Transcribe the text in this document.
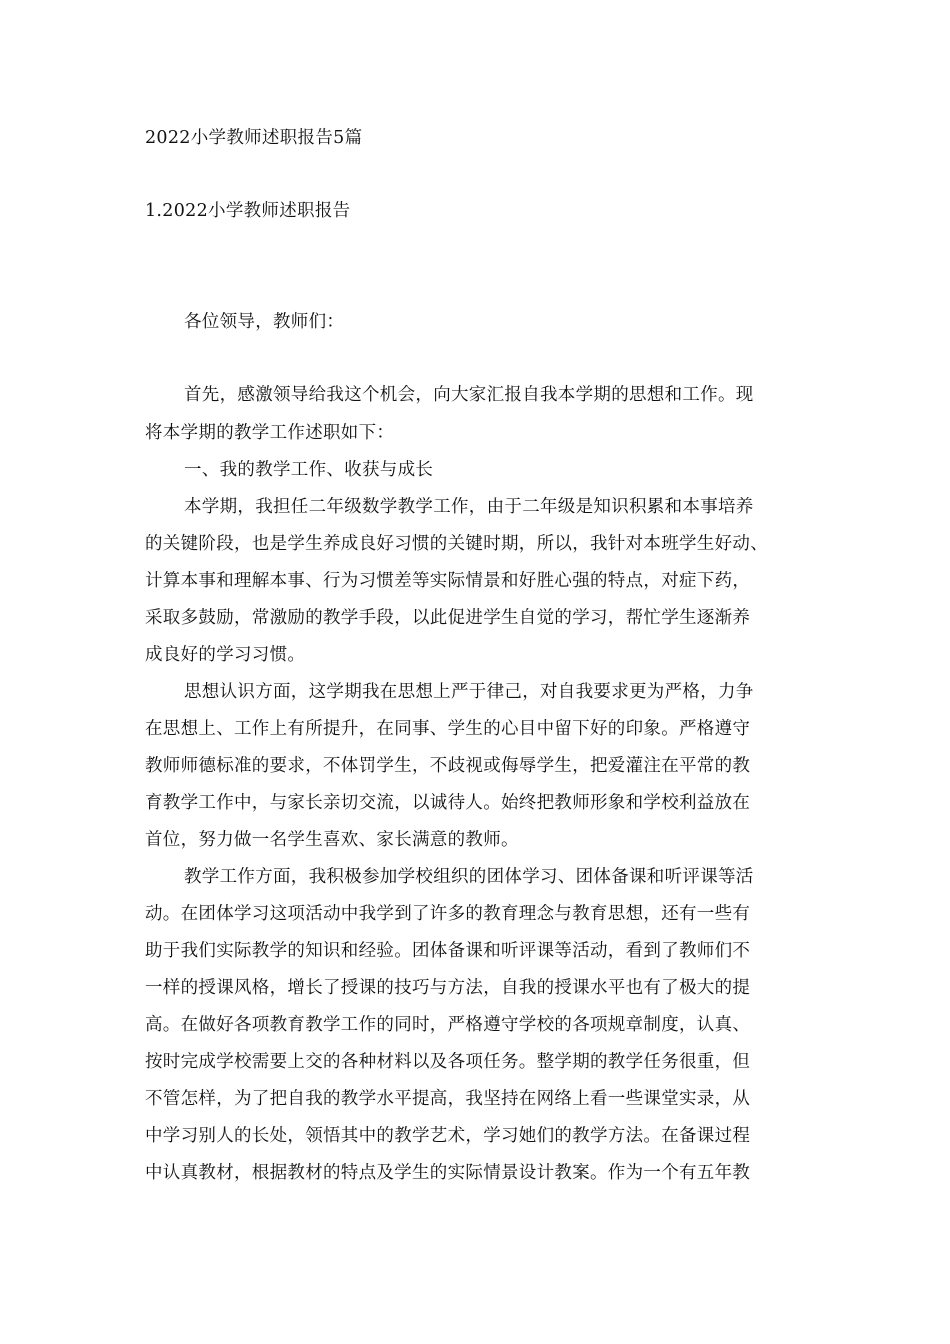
2022小学教师述职报告5篇
1.2022小学教师述职报告
各位领导，教师们：
首先，感激领导给我这个机会，向大家汇报自我本学期的思想和工作。现
将本学期的教学工作述职如下：
一、我的教学工作、收获与成长
本学期，我担任二年级数学教学工作，由于二年级是知识积累和本事培养
的关键阶段，也是学生养成良好习惯的关键时期，所以，我针对本班学生好动、
计算本事和理解本事、行为习惯差等实际情景和好胜心强的特点，对症下药，
采取多鼓励，常激励的教学手段，以此促进学生自觉的学习，帮忙学生逐渐养
成良好的学习习惯。
思想认识方面，这学期我在思想上严于律己，对自我要求更为严格，力争
在思想上、工作上有所提升，在同事、学生的心目中留下好的印象。严格遵守
教师师德标准的要求，不体罚学生，不歧视或侮辱学生，把爱灌注在平常的教
育教学工作中，与家长亲切交流，以诚待人。始终把教师形象和学校利益放在
首位，努力做一名学生喜欢、家长满意的教师。
教学工作方面，我积极参加学校组织的团体学习、团体备课和听评课等活
动。在团体学习这项活动中我学到了许多的教育理念与教育思想，还有一些有
助于我们实际教学的知识和经验。团体备课和听评课等活动，看到了教师们不
一样的授课风格，增长了授课的技巧与方法，自我的授课水平也有了极大的提
高。在做好各项教育教学工作的同时，严格遵守学校的各项规章制度，认真、
按时完成学校需要上交的各种材料以及各项任务。整学期的教学任务很重，但
不管怎样，为了把自我的教学水平提高，我坚持在网络上看一些课堂实录，从
中学习别人的长处，领悟其中的教学艺术，学习她们的教学方法。在备课过程
中认真教材，根据教材的特点及学生的实际情景设计教案。作为一个有五年教
